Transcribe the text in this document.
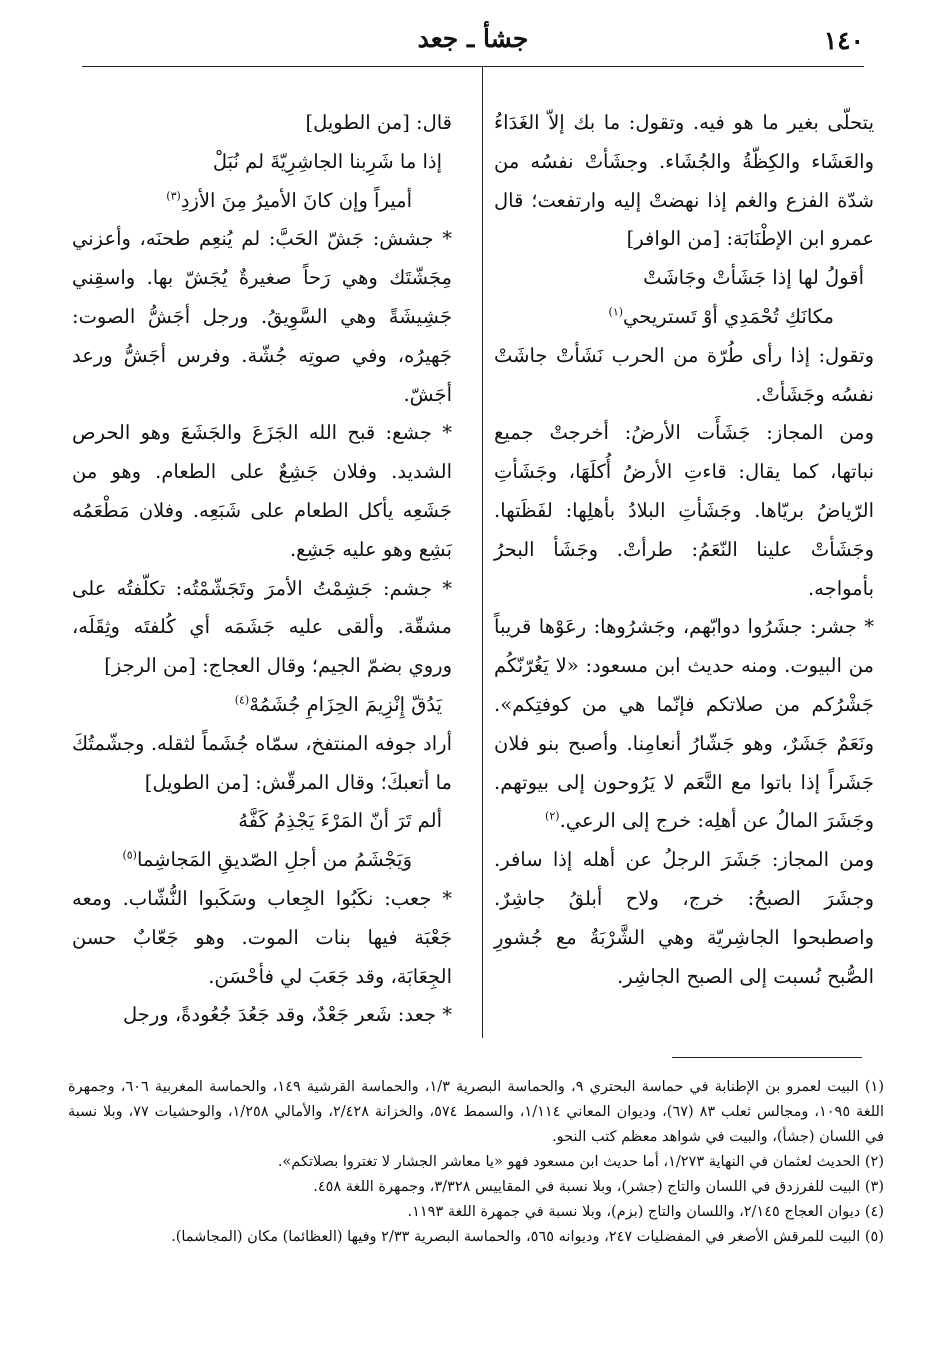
١٤٠
جشأ ـ جعد

يتحلّى بغير ما هو فيه. وتقول: ما بك إلاّ الغَدَاءُ والعَشَاء والكِظّةُ والجُشَاء. وجشَأتْ نفسُه من شدّة الفزع والغم إذا نهضتْ إليه وارتفعت؛ قال عمرو ابن الإطْنَابَة: [من الوافر]

أقولُ لها إذا جَشَأتْ وجَاشَتْ

مكانَكِ تُحْمَدِي أوْ تَستريحي$^{(١)}$

وتقول: إذا رأى طُرّة من الحرب نَشَأتْ جاشَتْ نفسُه وجَشَأتْ.

ومن المجاز: جَشَأَت الأرضُ: أخرجتْ جميع نباتها، كما يقال: قاءتِ الأرضُ أُكلَهَا، وجَشَأتِ الرّياضُ بريّاها. وجَشَأتِ البلادُ بأهلِها: لفَظَتها. وجَشَأتْ علينا النّعَمُ: طرأتْ. وجَشَأ البحرُ بأمواجه.

* جشر: جشَرُوا دوابّهم، وجَشرُوها: رعَوْها قريباً من البيوت. ومنه حديث ابن مسعود: «لا يَغُرّنّكُم جَشْرُكم من صلاتكم فإنّما هي من كوفتِكم». ونَعَمٌ جَشَرٌ، وهو جَشّارُ أنعامِنا. وأصبح بنو فلان جَشَراً إذا باتوا مع النَّعَم لا يَرُوحون إلى بيوتهم. وجَشَرَ المالُ عن أهلِه: خرج إلى الرعي.$^{(٢)}$

ومن المجاز: جَشَرَ الرجلُ عن أهله إذا سافر. وجشَرَ الصبحُ: خرج، ولاح أبلقُ جاشِرٌ. واصطبحوا الجاشِريّة وهي الشَّرْبَةُ مع جُشورِ الصُّبح نُسبت إلى الصبح الجاشِر.

قال: [من الطويل]

إذا ما شَرِبنا الجاشِرِيّةَ لم نُبَلْ

أميراً وإن كانَ الأميرُ مِنَ الأزدِ$^{(٣)}$

* جشش: جَشّ الحَبَّ: لم يُنعِم طحنَه، وأعزني مِجَشّتَك وهي رَحاً صغيرةٌ يُجَشّ بها. واسقِني جَشِيشَةً وهي السَّوِيقُ. ورجل أجَشُّ الصوت: جَهيرُه، وفي صوتِه جُشّة. وفرس أجَشُّ ورعد أجَشّ.

* جشع: قبح الله الجَزَعَ والجَشَعَ وهو الحرص الشديد. وفلان جَشِعٌ على الطعام. وهو من جَشَعِه يأكل الطعام على شَبَعِه. وفلان مَطْعَمُه بَشِع وهو عليه جَشِع.

* جشم: جَشِمْتُ الأمرَ وتَجَشّمْتُه: تكلّفتُه على مشقّة. وألقى عليه جَشَمَه أي كُلفتَه وثِقَلَه، وروي بضمّ الجيم؛ وقال العجاج: [من الرجز]

يَدُقّ إِنْزِيمَ الحِزَامِ جُشَمُهْ$^{(٤)}$

أراد جوفه المنتفخ، سمّاه جُشَماً لثقله. وجشّمتُكَ ما أتعبكَ؛ وقال المرقّش: [من الطويل]

ألم تَرَ أنّ المَرْءَ يَجْذِمُ كَفَّهُ

وَيَجْشَمُ من أجلِ الصّديقِ المَجاشِما$^{(٥)}$

* جعب: نكَبُوا الجِعاب وسَكَبوا النُّشّاب. ومعه جَعْبَة فيها بنات الموت. وهو جَعّابٌ حسن الجِعَابَة، وقد جَعَبَ لي فأحْسَن.

* جعد: شَعر جَعْدٌ، وقد جَعُدَ جُعُودةً، ورجل

(١) البيت لعمرو بن الإطنابة في حماسة البحتري ٩، والحماسة البصرية ١/٣، والحماسة القرشية ١٤٩، والحماسة المغربية ٦٠٦، وجمهرة اللغة ١٠٩٥، ومجالس ثعلب ٨٣ (٦٧)، وديوان المعاني ١/١١٤، والسمط ٥٧٤، والخزانة ٢/٤٢٨، والأمالي ١/٢٥٨، والوحشيات ٧٧، وبلا نسبة في اللسان (جشأ)، والبيت في شواهد معظم كتب النحو.

(٢) الحديث لعثمان في النهاية ١/٢٧٣، أما حديث ابن مسعود فهو «يا معاشر الجشار لا تغتروا بصلاتكم».

(٣) البيت للفرزدق في اللسان والتاج (جشر)، وبلا نسبة في المقاييس ٣/٣٢٨، وجمهرة اللغة ٤٥٨.

(٤) ديوان العجاج ٢/١٤٥، واللسان والتاج (بزم)، وبلا نسبة في جمهرة اللغة ١١٩٣.

(٥) البيت للمرقش الأصغر في المفضليات ٢٤٧، وديوانه ٥٦٥، والحماسة البصرية ٢/٣٣ وفيها (العظائما) مكان (المجاشما).
